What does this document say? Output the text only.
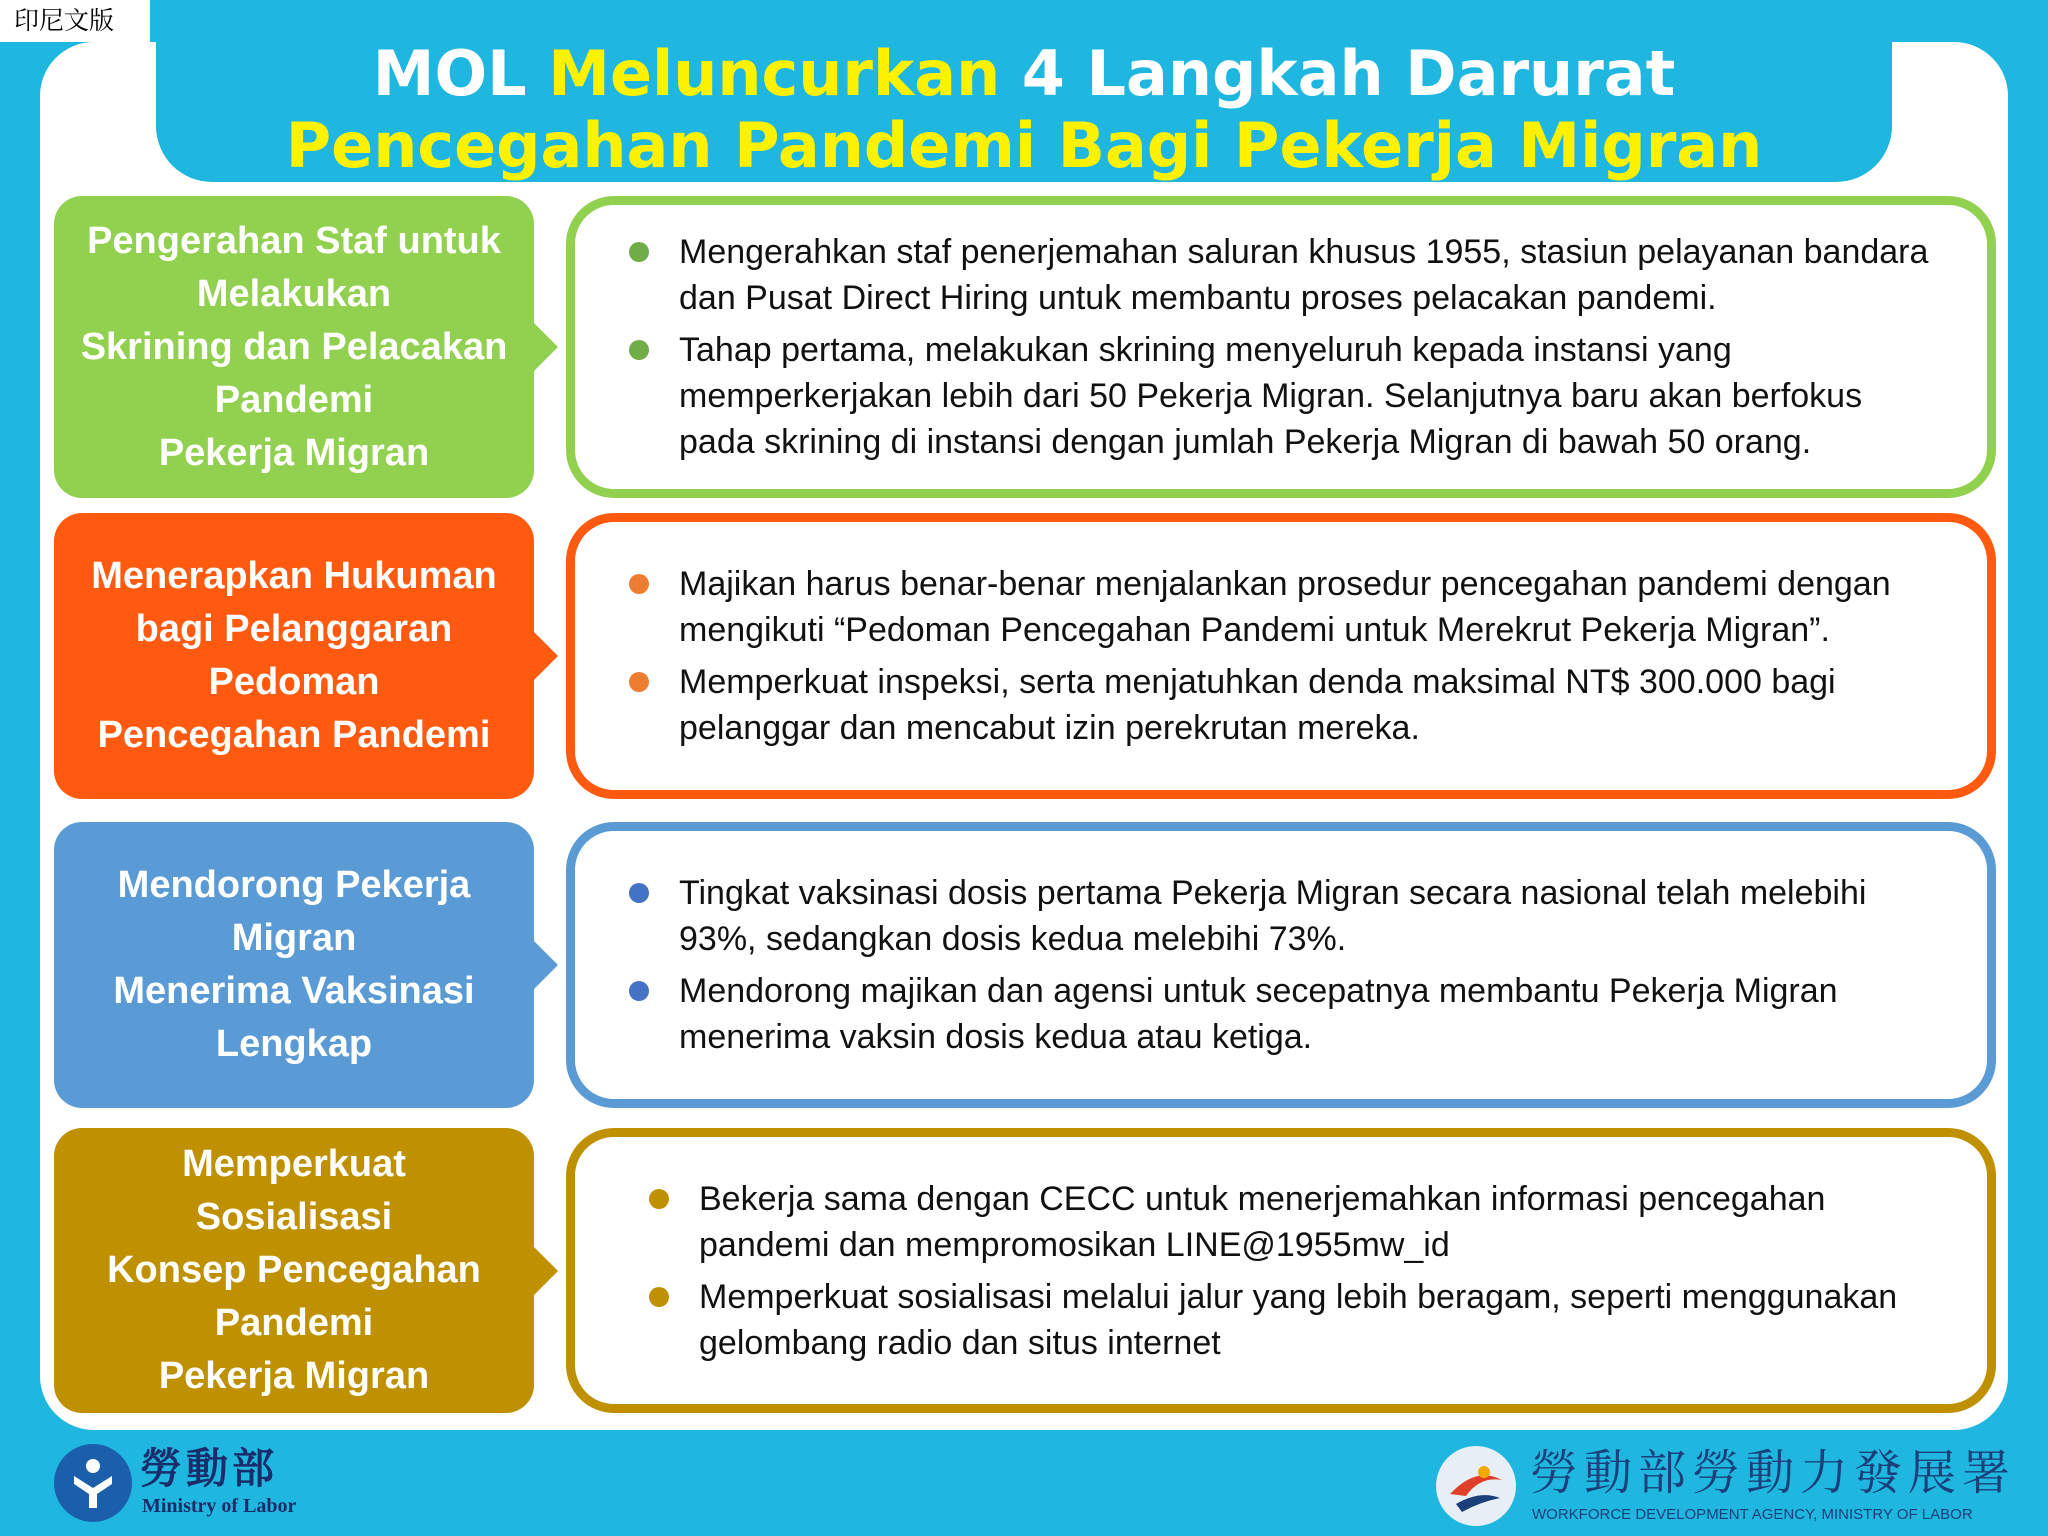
印尼文版
MOL Meluncurkan 4 Langkah Darurat
Pencegahan Pandemi Bagi Pekerja Migran
Pengerahan Staf untuk
Melakukan
Skrining dan Pelacakan
Pandemi
Pekerja Migran
Mengerahkan staf penerjemahan saluran khusus 1955, stasiun pelayanan bandara dan Pusat Direct Hiring untuk membantu proses pelacakan pandemi.
Tahap pertama, melakukan skrining menyeluruh kepada instansi yang memperkerjakan lebih dari 50 Pekerja Migran. Selanjutnya baru akan berfokus pada skrining di instansi dengan jumlah Pekerja Migran di bawah 50 orang.
Menerapkan Hukuman
bagi Pelanggaran
Pedoman
Pencegahan Pandemi
Majikan harus benar-benar menjalankan prosedur pencegahan pandemi dengan mengikuti “Pedoman Pencegahan Pandemi untuk Merekrut Pekerja Migran”.
Memperkuat inspeksi, serta menjatuhkan denda maksimal NT$ 300.000 bagi pelanggar dan mencabut izin perekrutan mereka.
Mendorong Pekerja
Migran
Menerima Vaksinasi
Lengkap
Tingkat vaksinasi dosis pertama Pekerja Migran secara nasional telah melebihi 93%, sedangkan dosis kedua melebihi 73%.
Mendorong majikan dan agensi untuk secepatnya membantu Pekerja Migran menerima vaksin dosis kedua atau ketiga.
Memperkuat
Sosialisasi
Konsep Pencegahan
Pandemi
Pekerja Migran
Bekerja sama dengan CECC untuk menerjemahkan informasi pencegahan pandemi dan mempromosikan LINE@1955mw_id
Memperkuat sosialisasi melalui jalur yang lebih beragam, seperti menggunakan gelombang radio dan situs internet
勞動部
Ministry of Labor
勞動部勞動力發展署
WORKFORCE DEVELOPMENT AGENCY, MINISTRY OF LABOR
